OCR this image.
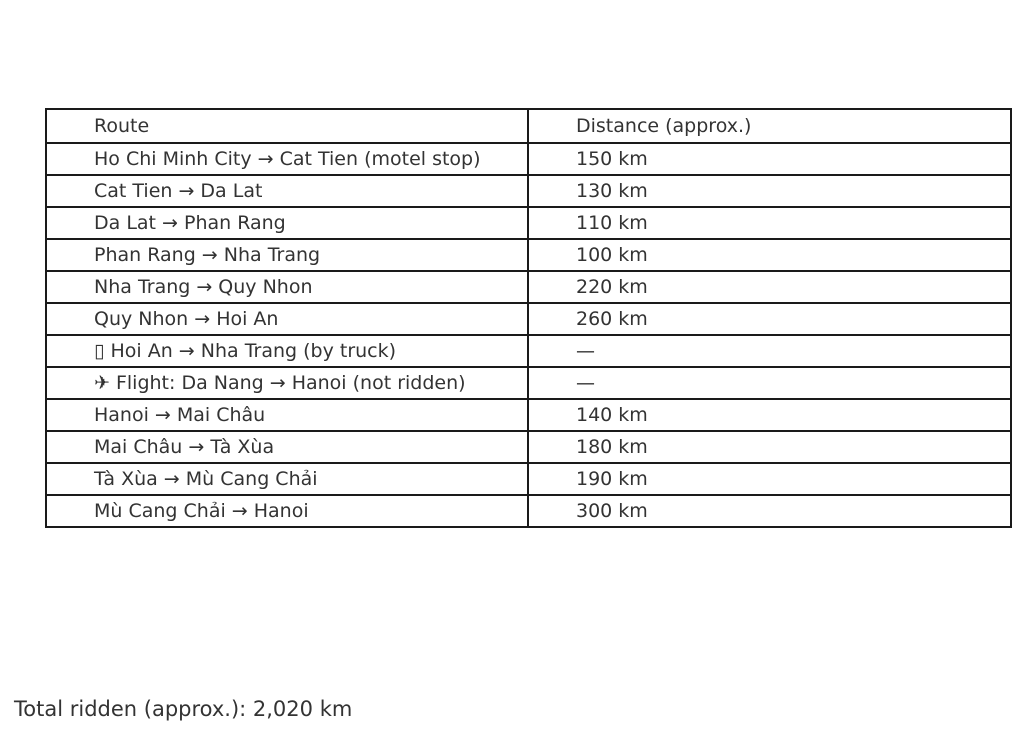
Route	Distance (approx.)
Ho Chi Minh City → Cat Tien (motel stop)	150 km
Cat Tien → Da Lat	130 km
Da Lat → Phan Rang	110 km
Phan Rang → Nha Trang	100 km
Nha Trang → Quy Nhon	220 km
Quy Nhon → Hoi An	260 km
▯ Hoi An → Nha Trang (by truck)	—
✈ Flight: Da Nang → Hanoi (not ridden)	—
Hanoi → Mai Châu	140 km
Mai Châu → Tà Xùa	180 km
Tà Xùa → Mù Cang Chải	190 km
Mù Cang Chải → Hanoi	300 km
Total ridden (approx.): 2,020 km
